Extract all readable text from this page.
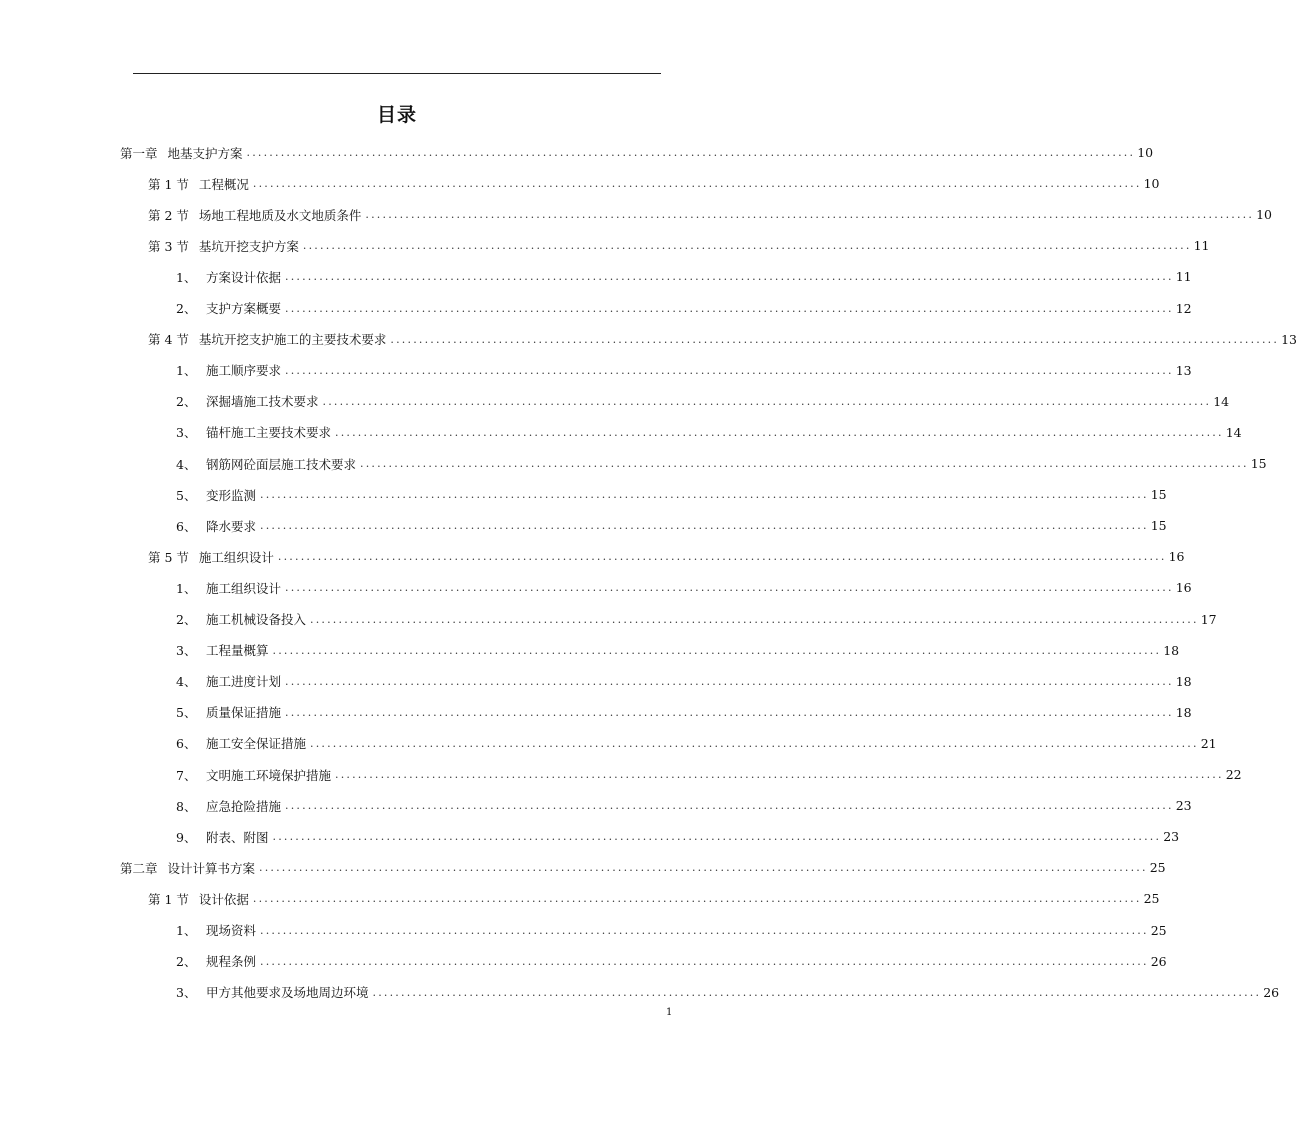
目录
第一章 地基支护方案 ............................................................................................................................................................ 10
第 1 节 工程概况 ............................................................................................................................................................ 10
第 2 节 场地工程地质及水文地质条件 ............................................................................................................................................................ 10
第 3 节 基坑开挖支护方案 ............................................................................................................................................................ 11
1、 方案设计依据 ............................................................................................................................................................ 11
2、 支护方案概要 ............................................................................................................................................................ 12
第 4 节 基坑开挖支护施工的主要技术要求 ............................................................................................................................................................ 13
1、 施工顺序要求 ............................................................................................................................................................ 13
2、 深掘墙施工技术要求 ............................................................................................................................................................ 14
3、 锚杆施工主要技术要求 ............................................................................................................................................................ 14
4、 钢筋网砼面层施工技术要求 ............................................................................................................................................................ 15
5、 变形监测 ............................................................................................................................................................ 15
6、 降水要求 ............................................................................................................................................................ 15
第 5 节 施工组织设计 ............................................................................................................................................................ 16
1、 施工组织设计 ............................................................................................................................................................ 16
2、 施工机械设备投入 ............................................................................................................................................................ 17
3、 工程量概算 ............................................................................................................................................................ 18
4、 施工进度计划 ............................................................................................................................................................ 18
5、 质量保证措施 ............................................................................................................................................................ 18
6、 施工安全保证措施 ............................................................................................................................................................ 21
7、 文明施工环境保护措施 ............................................................................................................................................................ 22
8、 应急抢险措施 ............................................................................................................................................................ 23
9、 附表、附图 ............................................................................................................................................................ 23
第二章 设计计算书方案 ............................................................................................................................................................ 25
第 1 节 设计依据 ............................................................................................................................................................ 25
1、 现场资料 ............................................................................................................................................................ 25
2、 规程条例 ............................................................................................................................................................ 26
3、 甲方其他要求及场地周边环境 ............................................................................................................................................................ 26
1
